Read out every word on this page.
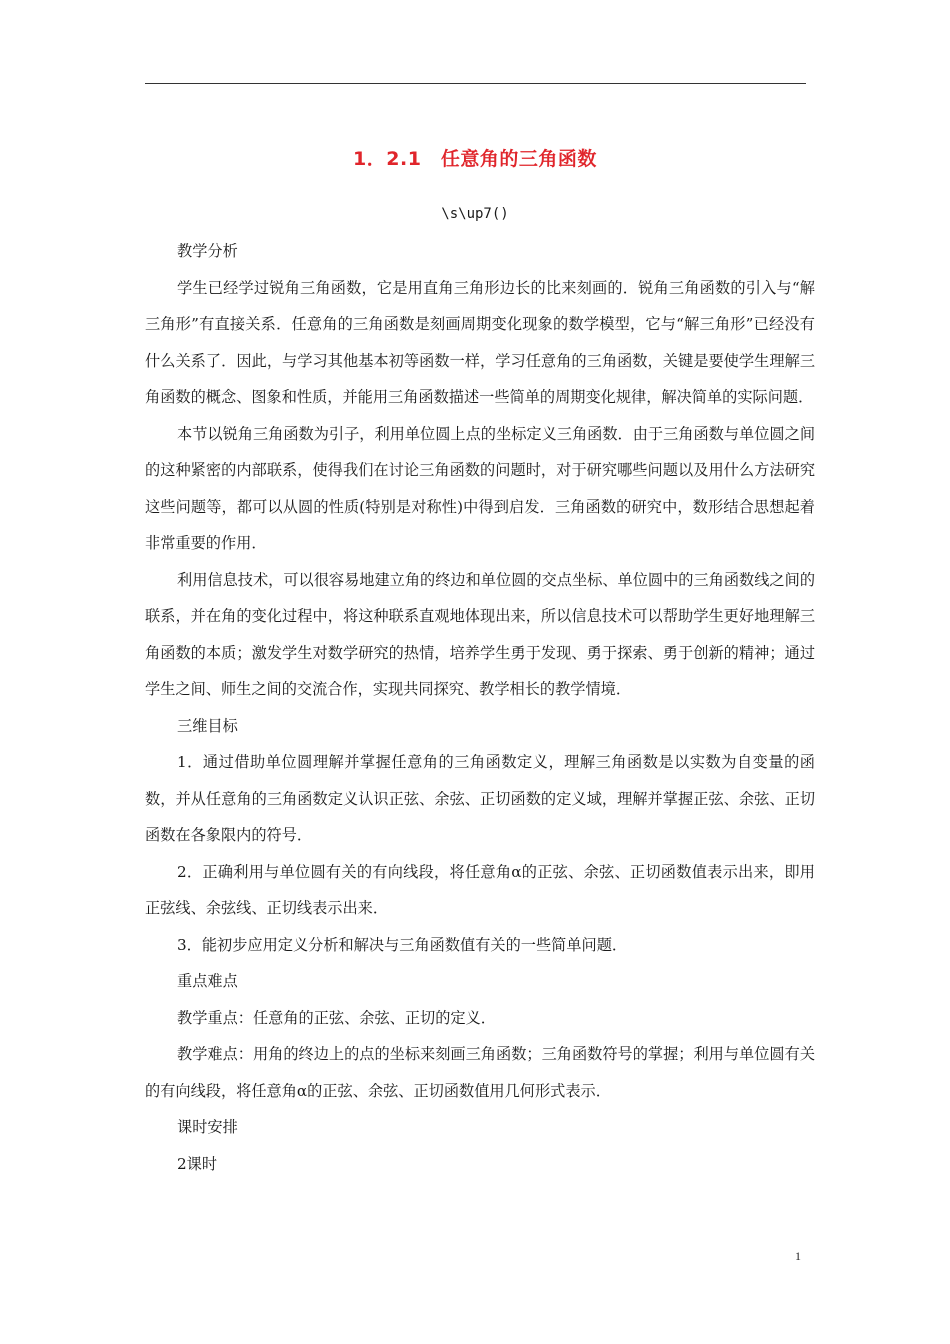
1．2.1　任意角的三角函数
\s\up7()

教学分析

学生已经学过锐角三角函数，它是用直角三角形边长的比来刻画的．锐角三角函数的引入与“解三角形”有直接关系．任意角的三角函数是刻画周期变化现象的数学模型，它与“解三角形”已经没有什么关系了．因此，与学习其他基本初等函数一样，学习任意角的三角函数，关键是要使学生理解三角函数的概念、图象和性质，并能用三角函数描述一些简单的周期变化规律，解决简单的实际问题．

本节以锐角三角函数为引子，利用单位圆上点的坐标定义三角函数．由于三角函数与单位圆之间的这种紧密的内部联系，使得我们在讨论三角函数的问题时，对于研究哪些问题以及用什么方法研究这些问题等，都可以从圆的性质(特别是对称性)中得到启发．三角函数的研究中，数形结合思想起着非常重要的作用．

利用信息技术，可以很容易地建立角的终边和单位圆的交点坐标、单位圆中的三角函数线之间的联系，并在角的变化过程中，将这种联系直观地体现出来，所以信息技术可以帮助学生更好地理解三角函数的本质；激发学生对数学研究的热情，培养学生勇于发现、勇于探索、勇于创新的精神；通过学生之间、师生之间的交流合作，实现共同探究、教学相长的教学情境．

三维目标

1．通过借助单位圆理解并掌握任意角的三角函数定义，理解三角函数是以实数为自变量的函数，并从任意角的三角函数定义认识正弦、余弦、正切函数的定义域，理解并掌握正弦、余弦、正切函数在各象限内的符号．

2．正确利用与单位圆有关的有向线段，将任意角α的正弦、余弦、正切函数值表示出来，即用正弦线、余弦线、正切线表示出来．

3．能初步应用定义分析和解决与三角函数值有关的一些简单问题．

重点难点

教学重点：任意角的正弦、余弦、正切的定义．

教学难点：用角的终边上的点的坐标来刻画三角函数；三角函数符号的掌握；利用与单位圆有关的有向线段，将任意角α的正弦、余弦、正切函数值用几何形式表示．

课时安排

2课时

1
